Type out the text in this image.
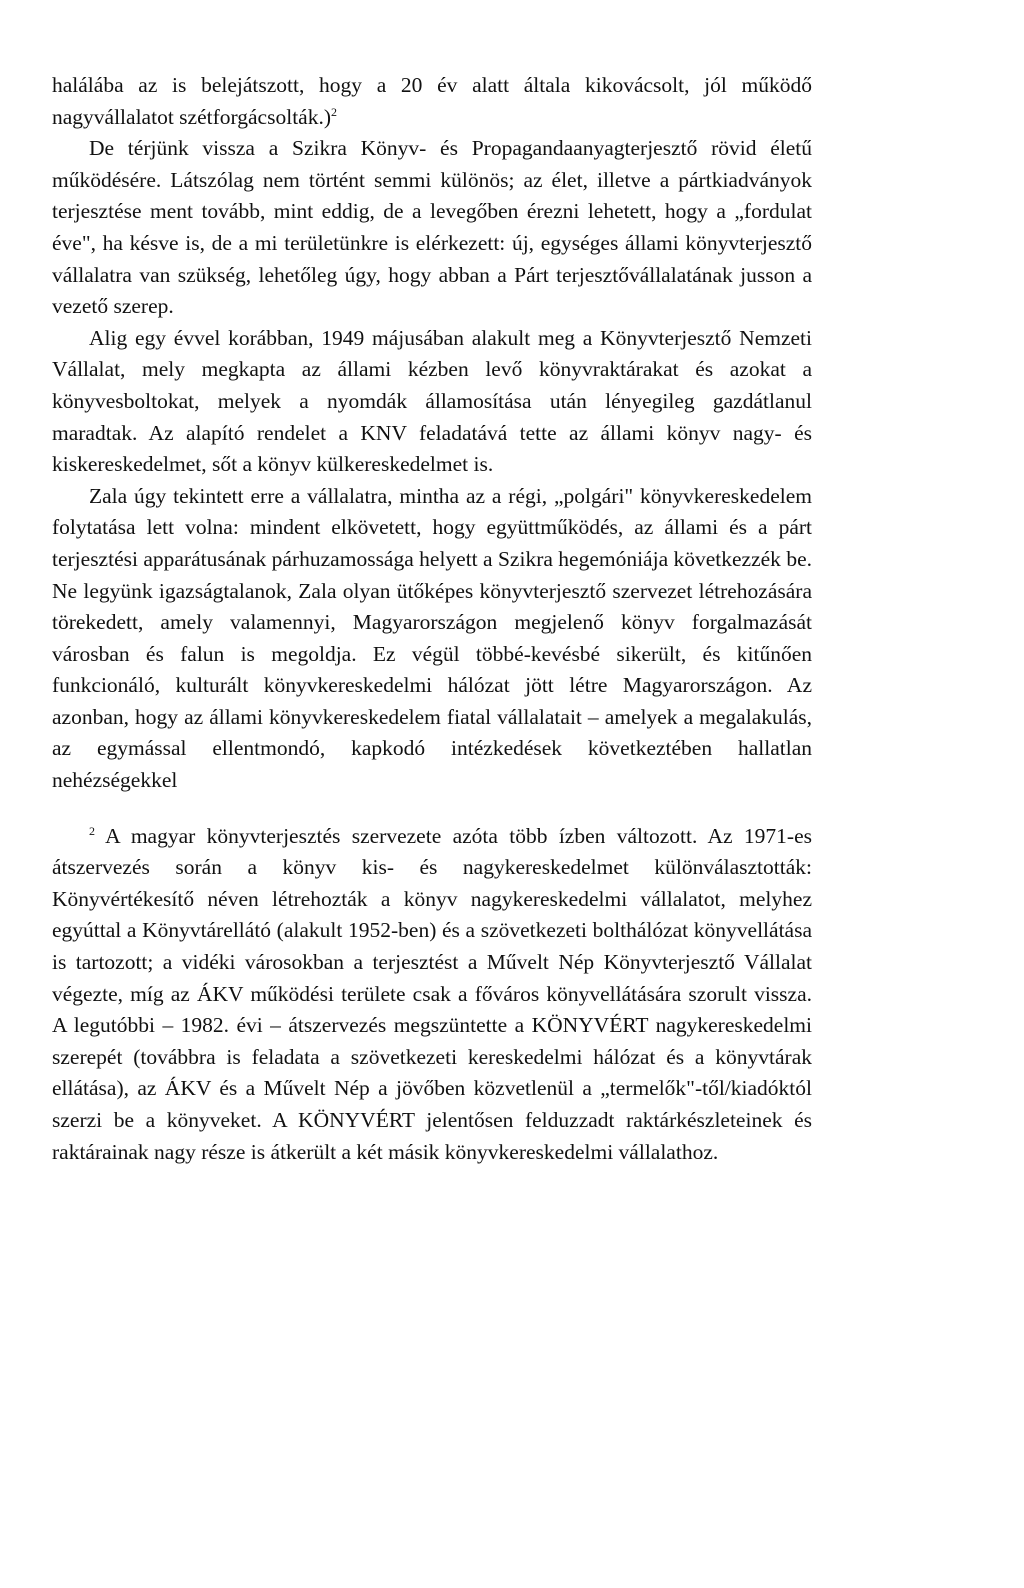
halálába az is belejátszott, hogy a 20 év alatt általa kikovácsolt, jól működő nagyvállalatot szétforgácsolták.)$^2$

De térjünk vissza a Szikra Könyv- és Propagandaanyagterjesztő rövid életű működésére. Látszólag nem történt semmi különös; az élet, illetve a pártkiadványok terjesztése ment tovább, mint eddig, de a levegőben érezni lehetett, hogy a „fordulat éve", ha késve is, de a mi területünkre is elérkezett: új, egységes állami könyvterjesztő vállalatra van szükség, lehetőleg úgy, hogy abban a Párt terjesztővállalatának jusson a vezető szerep.

Alig egy évvel korábban, 1949 májusában alakult meg a Könyvterjesztő Nemzeti Vállalat, mely megkapta az állami kézben levő könyvraktárakat és azokat a könyvesboltokat, melyek a nyomdák államosítása után lényegileg gazdátlanul maradtak. Az alapító rendelet a KNV feladatává tette az állami könyv nagy- és kiskereskedelmet, sőt a könyv külkereskedelmet is.

Zala úgy tekintett erre a vállalatra, mintha az a régi, „polgári" könyvkereskedelem folytatása lett volna: mindent elkövetett, hogy együttműködés, az állami és a párt terjesztési apparátusának párhuzamossága helyett a Szikra hegemóniája következzék be. Ne legyünk igazságtalanok, Zala olyan ütőképes könyvterjesztő szervezet létrehozására törekedett, amely valamennyi, Magyarországon megjelenő könyv forgalmazását városban és falun is megoldja. Ez végül többé-kevésbé sikerült, és kitűnően funkcionáló, kulturált könyvkereskedelmi hálózat jött létre Magyarországon. Az azonban, hogy az állami könyvkereskedelem fiatal vállalatait – amelyek a megalakulás, az egymással ellentmondó, kapkodó intézkedések következtében hallatlan nehézségekkel

$^2$ A magyar könyvterjesztés szervezete azóta több ízben változott. Az 1971-es átszervezés során a könyv kis- és nagykereskedelmet különválasztották: Könyvértékesítő néven létrehozták a könyv nagykereskedelmi vállalatot, melyhez egyúttal a Könyvtárellátó (alakult 1952-ben) és a szövetkezeti bolthálózat könyvellátása is tartozott; a vidéki városokban a terjesztést a Művelt Nép Könyvterjesztő Vállalat végezte, míg az ÁKV működési területe csak a főváros könyvellátására szorult vissza. A legutóbbi – 1982. évi – átszervezés megszüntette a KÖNYVÉRT nagykereskedelmi szerepét (továbbra is feladata a szövetkezeti kereskedelmi hálózat és a könyvtárak ellátása), az ÁKV és a Művelt Nép a jövőben közvetlenül a „termelők"-től/kiadóktól szerzi be a könyveket. A KÖNYVÉRT jelentősen felduzzadt raktárkészleteinek és raktárainak nagy része is átkerült a két másik könyvkereskedelmi vállalathoz.
